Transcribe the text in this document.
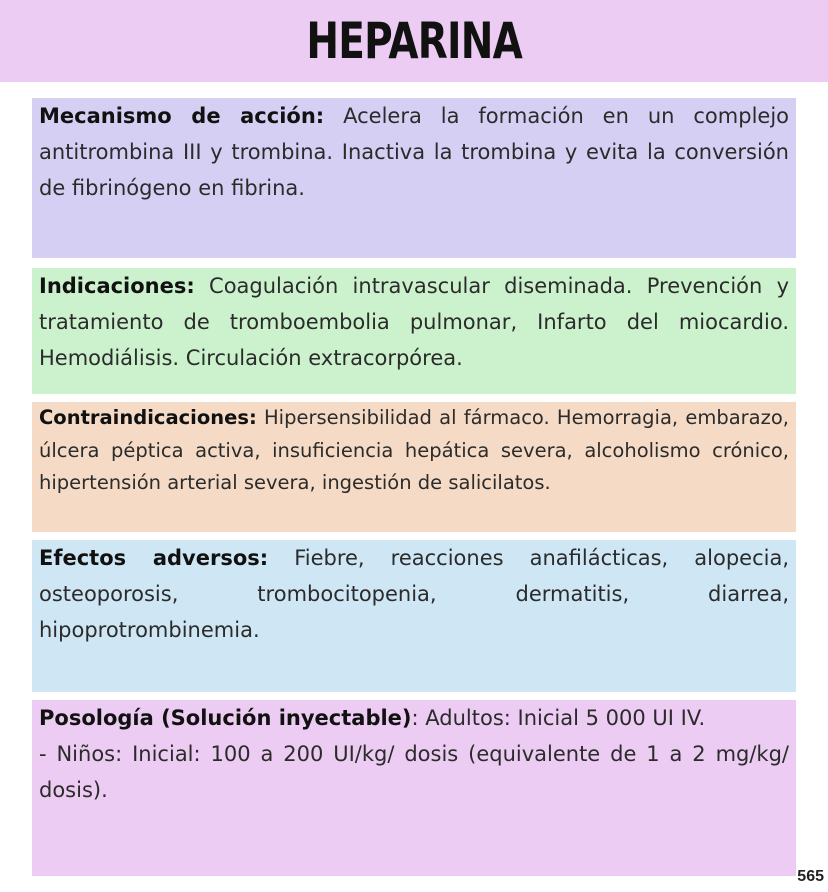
HEPARINA
Mecanismo de acción: Acelera la formación en un complejo antitrombina III y trombina. Inactiva la trombina y evita la conversión de fibrinógeno en fibrina.
Indicaciones: Coagulación intravascular diseminada. Prevención y tratamiento de tromboembolia pulmonar, Infarto del miocardio. Hemodiálisis. Circulación extracorpórea.
Contraindicaciones: Hipersensibilidad al fármaco. Hemorragia, embarazo, úlcera péptica activa, insuficiencia hepática severa, alcoholismo crónico, hipertensión arterial severa, ingestión de salicilatos.
Efectos adversos: Fiebre, reacciones anafilácticas, alopecia, osteoporosis, trombocitopenia, dermatitis, diarrea, hipoprotrombinemia.
Posología (Solución inyectable): Adultos: Inicial 5 000 UI IV.
- Niños: Inicial: 100 a 200 UI/kg/ dosis (equivalente de 1 a 2 mg/kg/ dosis).
565
